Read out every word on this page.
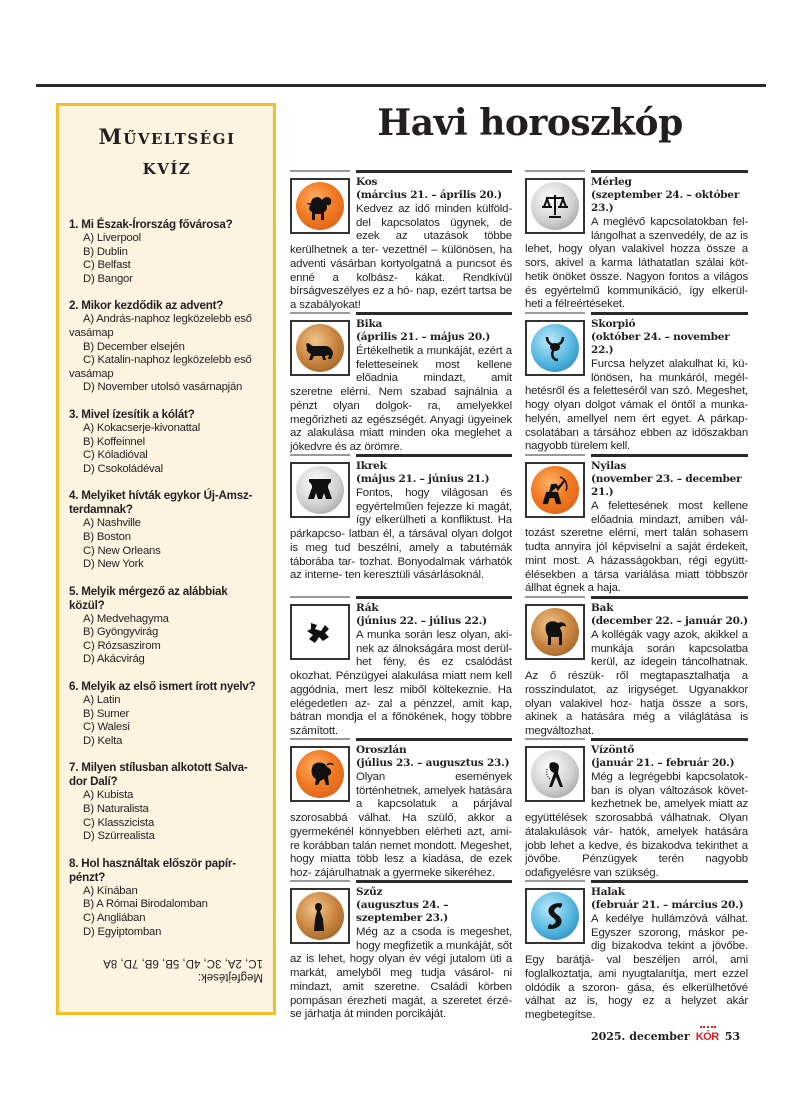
Műveltségi
kvíz
1. Mi Észak-Írország fővárosa?
A) Liverpool
B) Dublin
C) Belfast
D) Bangor
2. Mikor kezdődik az advent?
A) András-naphoz legközelebb eső vasámap
B) December elsején
C) Katalin-naphoz legközelebb eső vasámap
D) November utolsó vasárnapján
3. Mivel ízesítik a kólát?
A) Kokacserje-kivonattal
B) Koffeinnel
C) Kóladióval
D) Csokoládéval
4. Melyiket hívták egykor Új-Amsz- terdamnak?
A) Nashville
B) Boston
C) New Orleans
D) New York
5. Melyik mérgező az alábbiak közül?
A) Medvehagyma
B) Gyöngyvirág
C) Rózsaszirom
D) Akácvirág
6. Melyik az első ismert írott nyelv?
A) Latin
B) Sumer
C) Walesi
D) Kelta
7. Milyen stílusban alkotott Salva- dor Dalí?
A) Kubista
B) Naturalista
C) Klasszicista
D) Szürrealista
8. Hol használtak először papír- pénzt?
A) Kínában
B) A Római Birodalomban
C) Angliában
D) Egyiptomban
Megfejtések:
1C, 2A, 3C, 4D, 5B, 6B, 7D, 8A
Havi horoszkóp
Kos
(március 21. – április 20.)
Kedvez az idő minden külföld- del kapcsolatos ügynek, de ezek az utazások többe kerülhetnek a ter- vezettnél – különösen, ha adventi vásárban kortyolgatná a puncsot és enné a kolbász- kákat. Rendkívül bírságveszélyes ez a hó- nap, ezért tartsa be a szabályokat!
Bika
(április 21. – május 20.)
Értékelhetik a munkáját, ezért a feletteseinek most kellene előadnia mindazt, amit szeretne elérni. Nem szabad sajnálnia a pénzt olyan dolgok- ra, amelyekkel megőrizheti az egészségét. Anyagi ügyeinek az alakulása miatt minden oka meglehet a jókedvre és az örömre.
Ikrek
(május 21. – június 21.)
Fontos, hogy világosan és egyértelműen fejezze ki magát, így elkerülheti a konfliktust. Ha párkapcso- latban él, a társával olyan dolgot is meg tud beszélni, amely a tabutémák táborába tar- tozhat. Bonyodalmak várhatók az interne- ten keresztüli vásárlásoknál.
Rák
(június 22. – július 22.)
A munka során lesz olyan, aki- nek az álnokságára most derül- het fény, és ez csalódást okozhat. Pénzügyei alakulása miatt nem kell aggódnia, mert lesz miből költekeznie. Ha elégedetlen az- zal a pénzzel, amit kap, bátran mondja el a főnökének, hogy többre számított.
Oroszlán
(július 23. – augusztus 23.)
Olyan események történhetnek, amelyek hatására a kapcsolatuk a párjával szorosabbá válhat. Ha szülő, akkor a gyermekénél könnyebben elérheti azt, ami- re korábban talán nemet mondott. Megeshet, hogy miatta több lesz a kiadása, de ezek hoz- zájárulhatnak a gyermeke sikeréhez.
Szűz
(augusztus 24. – szeptember 23.)
Még az a csoda is megeshet, hogy megfizetik a munkáját, sőt az is lehet, hogy olyan év végi jutalom üti a markát, amelyből meg tudja vásárol- ni mindazt, amit szeretne. Családi körben pompásan érezheti magát, a szeretet érzé- se járhatja át minden porcikáját.
Mérleg
(szeptember 24. – október 23.)
A meglévő kapcsolatokban fel- lángolhat a szenvedély, de az is lehet, hogy olyan valakivel hozza össze a sors, akivel a karma láthatatlan szálai köt- hetik önöket össze. Nagyon fontos a világos és egyértelmű kommunikáció, így elkerül- heti a félreértéseket.
Skorpió
(október 24. – november 22.)
Furcsa helyzet alakulhat ki, kü- lönösen, ha munkáról, megél- hetésről és a feletteséről van szó. Megeshet, hogy olyan dolgot vámak el öntől a munka- helyén, amellyel nem ért egyet. A párkap- csolatában a társához ebben az időszakban nagyobb türelem kell.
Nyilas
(november 23. – december 21.)
A felettesének most kellene előadnia mindazt, amiben vál- tozást szeretne elérni, mert talán sohasem tudta annyira jól képviselni a saját érdekeit, mint most. A házasságokban, régi együtt- élésekben a társa variálása miatt többször állhat égnek a haja.
Bak
(december 22. – január 20.)
A kollégák vagy azok, akikkel a munkája során kapcsolatba kerül, az idegein táncolhatnak. Az ő részük- ről megtapasztalhatja a rosszindulatot, az irigységet. Ugyanakkor olyan valakivel hoz- hatja össze a sors, akinek a hatására még a világlátása is megváltozhat.
Vízöntő
(január 21. – február 20.)
Még a legrégebbi kapcsolatok- ban is olyan változások követ- kezhetnek be, amelyek miatt az együttélések szorosabbá válhatnak. Olyan átalakulások vár- hatók, amelyek hatására jobb lehet a kedve, és bizakodva tekinthet a jövőbe. Pénzügyek terén nagyobb odafigyelésre van szükség.
Halak
(február 21. – március 20.)
A kedélye hullámzóvá válhat. Egyszer szorong, máskor pe- dig bizakodva tekint a jövőbe. Egy barátjá- val beszéljen arról, ami foglalkoztatja, ami nyugtalanítja, mert ezzel oldódik a szoron- gása, és elkerülhetővé válhat az is, hogy ez a helyzet akár megbetegítse.
2025. december KÓR 53
